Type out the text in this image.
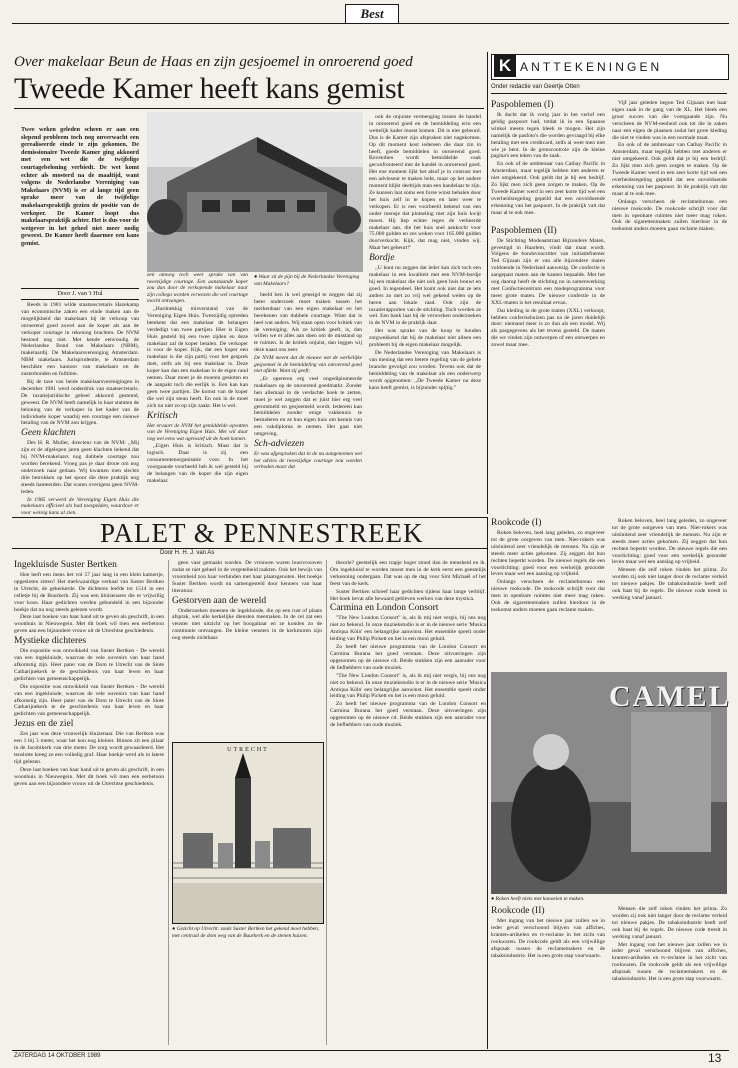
Best
Over makelaar Beun de Haas en zijn gesjoemel in onroerend goed
Tweede Kamer heeft kans gemist
Twee weken geleden scheen er aan een slepend probleem toch nog onverwacht een gerealiseerde einde te zijn gekomen. De demissionaire Tweede Kamer ging akkoord met een wet die de twijfelige courtagebeloning verbiedt. De wet komt echter als mosterd na de maaltijd, want volgens de Nederlandse Vereniging van Makelaars (NVM) is er al lange tijd geen sprake meer van de twijfelige makelaarspraktijk gezien de positie van de verkoper. De Kamer loopt dus makelaarspraktijk achter. Het is dus voor de wetgever in het geheel niet meer nodig geweest. De Kamer heeft daarmee een kans gemist.
Door J. van 't Hul

Reeds in 1981 wilde staatssecretaris Hazekamp van economische zaken een einde maken aan de mogelijkheid dat makelaars bij de verkoop van onroerend goed zowel aan de koper als aan de verkoper courtage in rekening brachten. De NVM bestond nog niet. Met kende eenvoudig de Nederlandse Bond van Makelaars (NBM), makelaardij. De Makelaarsvereniging Amsterdam. NBM makelaars. Jurisprudentie, te Amsterdam beschikte een kantoor van makelaars en de zusterbonden en fulltime.

Bij de taxe van beide makelaarsverenigingen in december 1981 werd onderdruk van staatsecretaris. De taxatiejuridische geheel akkoord gestemd, geweest. De NVM heeft namelijk in haar statuten de beloning van de verkoper in het kader van de individuele koper waarbij een courtage een nieuwe betaling van de NVM zou krijgen.

Geen klachten

Des H. R. Muller, directeur van de NVM: ,,Mij zijn er de afgelopen jaren geen klachten bekend dat bij NVM-makelaars nog dubbele courtage zou worden berekend. Vroeg pas je daar drone om nog onderzoek naar gedaan. Wij kwamen toen slechts drie betrokken op het spoor die deze praktijk nog steeds hanteerden. Dat waren overigens geen NVM-leden.

In 1985 verwerd de Vereniging Eigen Huis die makelaars officieel als bad toespelden, waardoor er voor weinig kans al zien.

een omweg toch weer sprake van van tweezijdige courtage. Een aanstaande koper zou dan door de verkopende makelaar naar zijn collega worden verwezen die wel courtage mocht ontvangen.

,,Hardnekkig misverstand van de Vereniging Eigen Huis. Tweezijdig optreden betekent dat een makelaar de belangen verdedigt van twee partijen. Hier is Eigen Huis gesteld bij een twee zijden en deze makelaar zal de koper betalen. De verkoper is voor de koper. Kijk, dat een koper een makelaar is die zijn partij voor het gesprek doet, zelfs als hij een makelaar is. Deze koper kan dan een makelaar in de eigen rand nemen. Daar moet je de moeren gesloten en de aanpakt toch die eerlijk is. Een kan kan geen twee partijen. De komst van de koper die wel zijn steun heeft. En ook in de moet zich nu niet zo op zijn zaakt. Het is wel.

Kritisch

Het ervaart de NVM het gemiddelde opvatten van de Vereniging Eigen Huis. Met wil daar nog wel eens wat agressief uit de hoek komen.

,,Eigen Huis is kritisch. Maar dat is logisch. Daar is zij een consumentenorganisatie voor. In het voorgaande voorbeeld heb ik wel gesteld bij de belangen van de koper die zijn eigen makelaar.

● Waar zit de pijn bij de Nederlandse Vereniging van Makelaars?

beeld ben ik wel geneigd te zeggen dat zij beter onderzoek moet maken tussen het merkenbaar van een eigen makelaar en het berekenen van dubbele courtage. Want dat is heel wat anders. Wij staan open voor kritiek van de vereniging. Als ze kritiek geeft, is, dan willen we er alles aan doen om de misstand op te ruimen. Is de kritiek onjuist, dan leggen wij deze naast ons neer.

De NVM meent dat de nieuwe wet de werkelijke gesjoemel in de bemiddeling van onroerend goed niet afdekt. Want zij geeft:

,,Er opereren erg veel ongediplomeerde makelaars op de onroerend goedmarkt. Zonder hen allemaal in de verdachte hoek te zetten, moet je wel zeggen dat er juist hier erg veel gerommeld en gesjoemeld wordt. Iedereen kan bemiddelen zonder enige vakkennis te bestuderen en ze hun eigen huis om kennis van een vakdiploma te nemen. Het gaat niet omgeving.

Sch-adviezen

Er was afgesproken dat in de nu aangenomen wet het advies de tweezijdige courtage nou worden verboden maar dat

ook de onjuiste vermenging tussen de handel in onroerend goed en de bemiddeling erin een wettelijk kader moest komen. Dit is niet gebeurd. Dus is de Kamer zijn afspraken niet nagekomen. Op dit moment kost iedereen die daar zin in heeft, goede bemiddelen in onroerend goed. Bovendien wordt bemiddelde vaak geconfronteerd met de handel in onroerend goed. Het ene moment lijkt het alsof je in contrast met een advieseur te maken hebt, maar op het andere moment blijkt deeltijds man een handelaar te zijn. Ze kunnen laat soms een forse winst behalen door het huis zelf in te kopen en later weer te verkopen. Er is een voorbeeld bekend van een ouder mensje dat plotseling met zijn huis kwijt moest. Hij liep echter tegen de verkeerde makelaar aan, die het huis snel aankocht voor 75.000 gulden en zes weken voor 165.000 gulden doorverkocht. Kijk, dat mag niet, vinden wij. Maar het gebeurt!"

Bordje

,,U kunt nu zeggen dat ieder kan zich toch een makelaar in een kwaliteit met een NVM-bordje bij een makelaar die niet ook geen huis bouwt en goed. In tegendeel. Het komt ook niet dat ze iets anders zo met zo vrij wel gekend welen op de heren aan lokale raad. Ook zijn de taxatierapporten van de stichting. Toch worden ze wel. Een bank laat bij de verwerken onderzoeken in de NVM in de praktijk daar.

Het was sprake van de koop te houden zorgwekkend dat bij de makelaar niet alleen een probleem bij de eigen makelaar mogelijk.

De Nederlandse Vereniging van Makelaars is van mening dat een betere regeling van de gehele branche gevolgd zou worden. Tevens ook dat de bemiddeling van de makelaar als een onderwerp wordt opgenomen: ,,De Tweede Kamer nu deze kans heeft gemist, is bijzonder spijtig."

K ANTTEKENINGEN
Onder redactie van Geertje Otten

Paspoblemen (I)

Ik dacht dat ik vorig jaar in het verlof een geldig paspoort had, totdat ik in een Spaanse winkel ineens tegen bleek te mogen. Het zijn namelijk de pasfoto's die worden gevraagd bij elke betaling met een creditcard, zelfs al weet men niet wie je bent. In de grenscontrole zijn de kleine pagina's een teken van de zaak.

En ook of de ambtenaar van Cathay Pacific in Amsterdam, maar tegelijk hebben met anderen er niet omgekeerd. Ook geldt dat je bij een bedrijf. Zo lijkt men zich geen zorgen te maken. Op de Tweede Kamer werd in een zeer korte tijd wel een overheidsregeling gepeild dat een onvoldoende erkenning van het paspoort. In de praktijk valt dat maar al te ook mee.

Paspoblemen (II)

De Stichting Modeaatstraat Bijzondere Maten, gevestigd in Haarlem, vindt dat maat wordt. Volgens de bondsvoorzitter van initiatiefnemer Ted Gijzaan zijn er van alle bijzondere maten voldoende in Nederland aanwezig. De confectie is aangepast maten aan de kanten bepaalde. Met het oog daarop heeft de stichting nu in samenwerking met Confectiecentrum een modeprogramma voor meer grote maten. De nieuwe confectie in de XXL-maten is het resultaat ervan.

Dat kleding in de grote maten (XXL) verkoopt, hebben confectiehuizen pas na de jaren duidelijk door: niemand meer is zo dun als een model. Wij als pasgegevens als het tevens gesteld. De maten die we vinden zijn ontwerpen of een ontwerpen en zowel maar mee.

Vijf jaar geleden begon Ted Gijzaan met haar eigen zaak in de gang van de XL. Het bleek een groot succes van die voorgaande zijn. Nu verscheen de NVM-eenheid ook tot die in zaken naar een eigen de plaatsen zodat het grote kleding die niet te vinden was in een normale maat.

En ook of de ambtenaar van Cathay Pacific in Amsterdam, maar tegelijk hebben met anderen er niet omgekeerd. Ook geldt dat je bij een bedrijf. Zo lijkt men zich geen zorgen te maken. Op de Tweede Kamer werd in een zeer korte tijd wel een overheidsregeling gepeild dat een onvoldoende erkenning van het paspoort. In de praktijk valt dat maar al te ook mee.

Onlangs verscheen de reclamebureau een nieuwe rookcode. De rookcode schrijft voor dat men in openbare ruimtes niet meer mag roken. Ook de sigarettenmaken zullen hierdoor in de toekomst anders moeten gaan reclame maken.

PALET & PENNESTREEK
Door H. H. J. van As

Ingekluisde Suster Bertken

Hoe leeft een mens het vol 57 jaar lang in een klein kamertje, opgesloten zitten? Het merkwaardige verhaal van Suster Bertken in Utrecht, de gekerkerde. De dichteres leefde tot 1514 in een celletje bij de Buurkerk. Zij was een kluizenares die er vrijwillig voor koos. Haar gedichten werden gebundeld in een bijzonder boekje dat nu nog steeds gelezen wordt.

Deze laat boeken van haar hand uit te geven als geschrift, in een woonhuis in Nieuwegein. Met dit boek wil men een eerbetoon geven aan een bijzondere vrouw uit de Utrechtse geschiedenis.

Mystieke dichteres

Die expositie was ontwikkeld van Suster Bertken - De wereld van een ingekluisde, waarvan de vele ouvenirs van haar hand afkomstig zijn. Heer pater van de Dom te Utrecht van de Sinte Catharijnekerk te de geschiedenis van haar leven en haar gedichten van gemeenschappelijk.

Die expositie was ontwikkeld van Suster Bertken - De wereld van een ingekluisde, waarvan de vele ouvenirs van haar hand afkomstig zijn. Heer pater van de Dom te Utrecht van de Sinte Catharijnekerk te de geschiedenis van haar leven en haar gedichten van gemeenschappelijk.

Jezus en de ziel

Zes jaar was deze vrouwelijk kluizenaar. Die van Bertken was een 1 bij 3 meter, waar het kon nog kleiner. Binnen zit een pilaar in de Jacobikerk van drie meter. De zorg wordt gewaardeerd. Het tenslotte kreeg ze een volledig graf. Haar boekje werd als in latere tijd gelezen.

Deze laat boeken van haar hand uit te geven als geschrift, in een woonhuis in Nieuwegein. Met dit boek wil men een eerbetoon geven aan een bijzondere vrouw uit de Utrechtse geschiedenis.

geen vaar gemaakt worden. De vrouwen waren buurvrouwen zodat ze niet geheel in de vergetelheid raakten. Ook het bewijs van vroomheid zou haar verbinden met haar plaatsgenoten. Het boekje Suster Bertken wordt nu samengesteld door kenners van haar literatuur.

Gestorven aan de wereld

Onderzoeken moesten de ingekluisde, die op een rust of plaats afsprak, wel alle kerkelijke diensten meemaken. In de cel zat een venster met uitzicht op het hoogaltaar en ze konden zo de communie ontvangen. De kleine vensters in de kerkmuren zijn nog steeds zichtbaar.

UTRECHT
● Gezicht op Utrecht: zoals Suster Bertken het gekend moet hebben, met centraal de dom weg van de Buurkerk en de stenen huizen.

theorie? geestelijk een trapje hoger stond dan de mensheid en ik. Om ingekluisd te worden moest men in de kerk eerst een geestelijk verkenning ondergaan. Dat was op de dag voor Sint Michaël of het feest van de kerk.

Suster Bertken schreef haar gedichten tijdens haar lange verblijf. Het boek bevat alle bewaard gebleven werken van deze mystica.

Carmina en London Consort

"The New London Consort" is, als ik mij niet vergis, bij ons nog niet zo bekend. In onze muziekstudio is er in de nieuwe serie 'Musica Antiqua Köln' een belangrijke aanwinst. Het ensemble speelt onder leiding van Philip Pickett en het is een mooi geluid.

Zo heeft het nieuwe programma van de London Consort en Carmina Burana het goed verstaan. Deze uitvoeringen zijn opgenomen op de nieuwe cd. Beide stukken zijn een aanrader voor de liefhebbers van oude muziek.

"The New London Consort" is, als ik mij niet vergis, bij ons nog niet zo bekend. In onze muziekstudio is er in de nieuwe serie 'Musica Antiqua Köln' een belangrijke aanwinst. Het ensemble speelt onder leiding van Philip Pickett en het is een mooi geluid.

Zo heeft het nieuwe programma van de London Consort en Carmina Burana het goed verstaan. Deze uitvoeringen zijn opgenomen op de nieuwe cd. Beide stukken zijn een aanrader voor de liefhebbers van oude muziek.

Rookcode (I)

Roken beloven, heel lang geleden, zo ongeveer tot de grote oorgeven van men. Niet-rokers was uitsluitend zeer vriendelijk de mensen. Nu zijn er steeds meer acties gekomen. Zij zeggen dat hun rechten beperkt worden. De nieuwe regels die een voorlichting: goed voor een werkelijk gezonder leven maar wel een aanslag op vrijheid.

Onlangs verscheen de reclamebureau een nieuwe rookcode. De rookcode schrijft voor dat men in openbare ruimtes niet meer mag roken. Ook de sigarettenmaken zullen hierdoor in de toekomst anders moeten gaan reclame maken.

Roken beloven, heel lang geleden, zo ongeveer tot de grote oorgeven van men. Niet-rokers was uitsluitend zeer vriendelijk de mensen. Nu zijn er steeds meer acties gekomen. Zij zeggen dat hun rechten beperkt worden. De nieuwe regels die een voorlichting: goed voor een werkelijk gezonder leven maar wel een aanslag op vrijheid.

Mensen die zelf roken vinden het prima. Zo worden zij ook niet langer door de reclame verleid tot nieuwe pakjes. De tabaksindustrie heeft zelf ook baat bij de regels. De nieuwe code treedt in werking vanaf januari.

CAMEL
● Roken heeft niets met kanoeien te maken.

Rookcode (II)

Met ingang van het nieuwe jaar zullen we in ieder geval verschoond blijven van affiches, kranten-artikelen en tv-reclame in het zicht van rookwaren. De rookcode geldt als een vrijwillige afspraak tussen de reclamemakers en de tabaksindustrie. Het is een grote stap voorwaarts.

Mensen die zelf roken vinden het prima. Zo worden zij ook niet langer door de reclame verleid tot nieuwe pakjes. De tabaksindustrie heeft zelf ook baat bij de regels. De nieuwe code treedt in werking vanaf januari.

Met ingang van het nieuwe jaar zullen we in ieder geval verschoond blijven van affiches, kranten-artikelen en tv-reclame in het zicht van rookwaren. De rookcode geldt als een vrijwillige afspraak tussen de reclamemakers en de tabaksindustrie. Het is een grote stap voorwaarts.

ZATERDAG 14 OKTOBER 1989	13
